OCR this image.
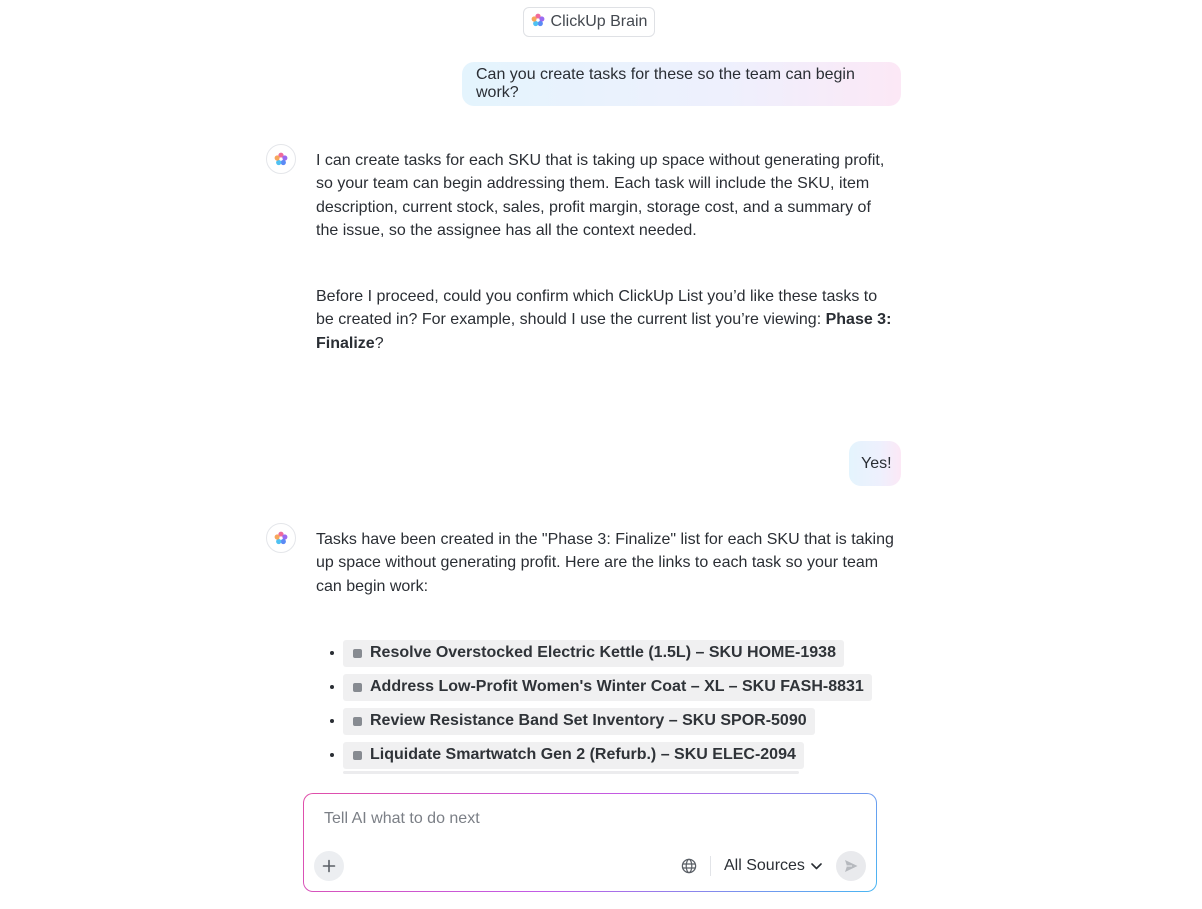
ClickUp Brain
Can you create tasks for these so the team can begin work?

I can create tasks for each SKU that is taking up space without generating profit, so your team can begin addressing them. Each task will include the SKU, item description, current stock, sales, profit margin, storage cost, and a summary of the issue, so the assignee has all the context needed.

Before I proceed, could you confirm which ClickUp List you’d like these tasks to be created in? For example, should I use the current list you’re viewing: Phase 3: Finalize?

Yes!

Tasks have been created in the "Phase 3: Finalize" list for each SKU that is taking up space without generating profit. Here are the links to each task so your team can begin work:

Resolve Overstocked Electric Kettle (1.5L) – SKU HOME-1938
Address Low-Profit Women's Winter Coat – XL – SKU FASH-8831
Review Resistance Band Set Inventory – SKU SPOR-5090
Liquidate Smartwatch Gen 2 (Refurb.) – SKU ELEC-2094
Tell AI what to do next
All Sources
